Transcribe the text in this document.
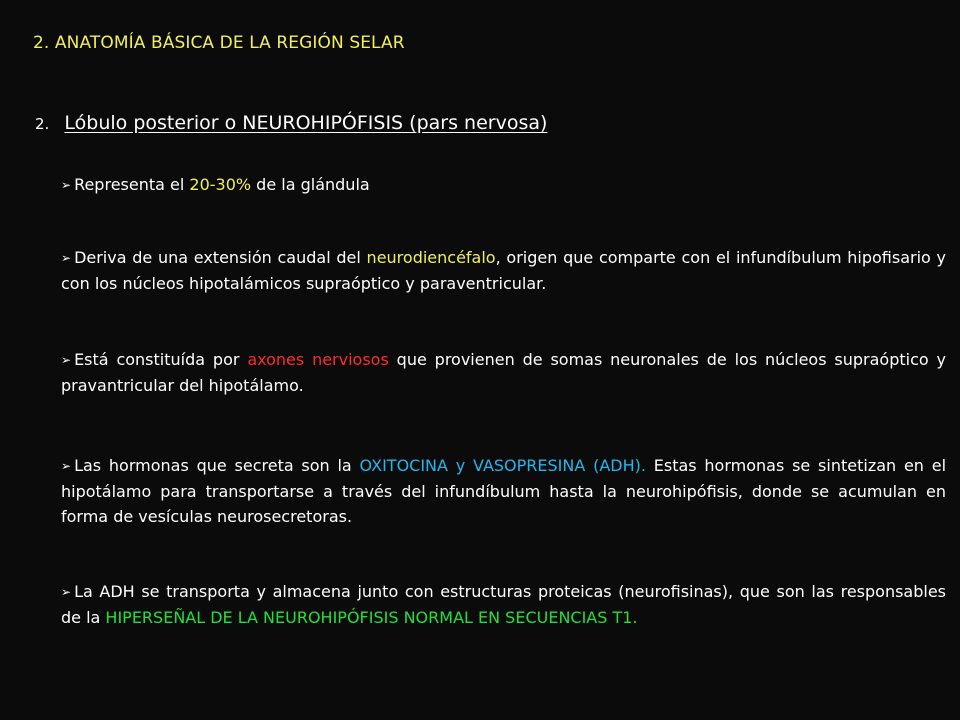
2. ANATOMÍA BÁSICA DE LA REGIÓN SELAR
2. Lóbulo posterior o NEUROHIPÓFISIS (pars nervosa)
➢ Representa el 20-30% de la glándula
➢ Deriva de una extensión caudal del neurodiencéfalo, origen que comparte con el infundíbulum hipofisario y con los núcleos hipotalámicos supraóptico y paraventricular.
➢ Está constituída por axones nerviosos que provienen de somas neuronales de los núcleos supraóptico y pravantricular del hipotálamo.
➢ Las hormonas que secreta son la OXITOCINA y VASOPRESINA (ADH). Estas hormonas se sintetizan en el hipotálamo para transportarse a través del infundíbulum hasta la neurohipófisis, donde se acumulan en forma de vesículas neurosecretoras.
➢ La ADH se transporta y almacena junto con estructuras proteicas (neurofisinas), que son las responsables de la HIPERSEÑAL DE LA NEUROHIPÓFISIS NORMAL EN SECUENCIAS T1.
